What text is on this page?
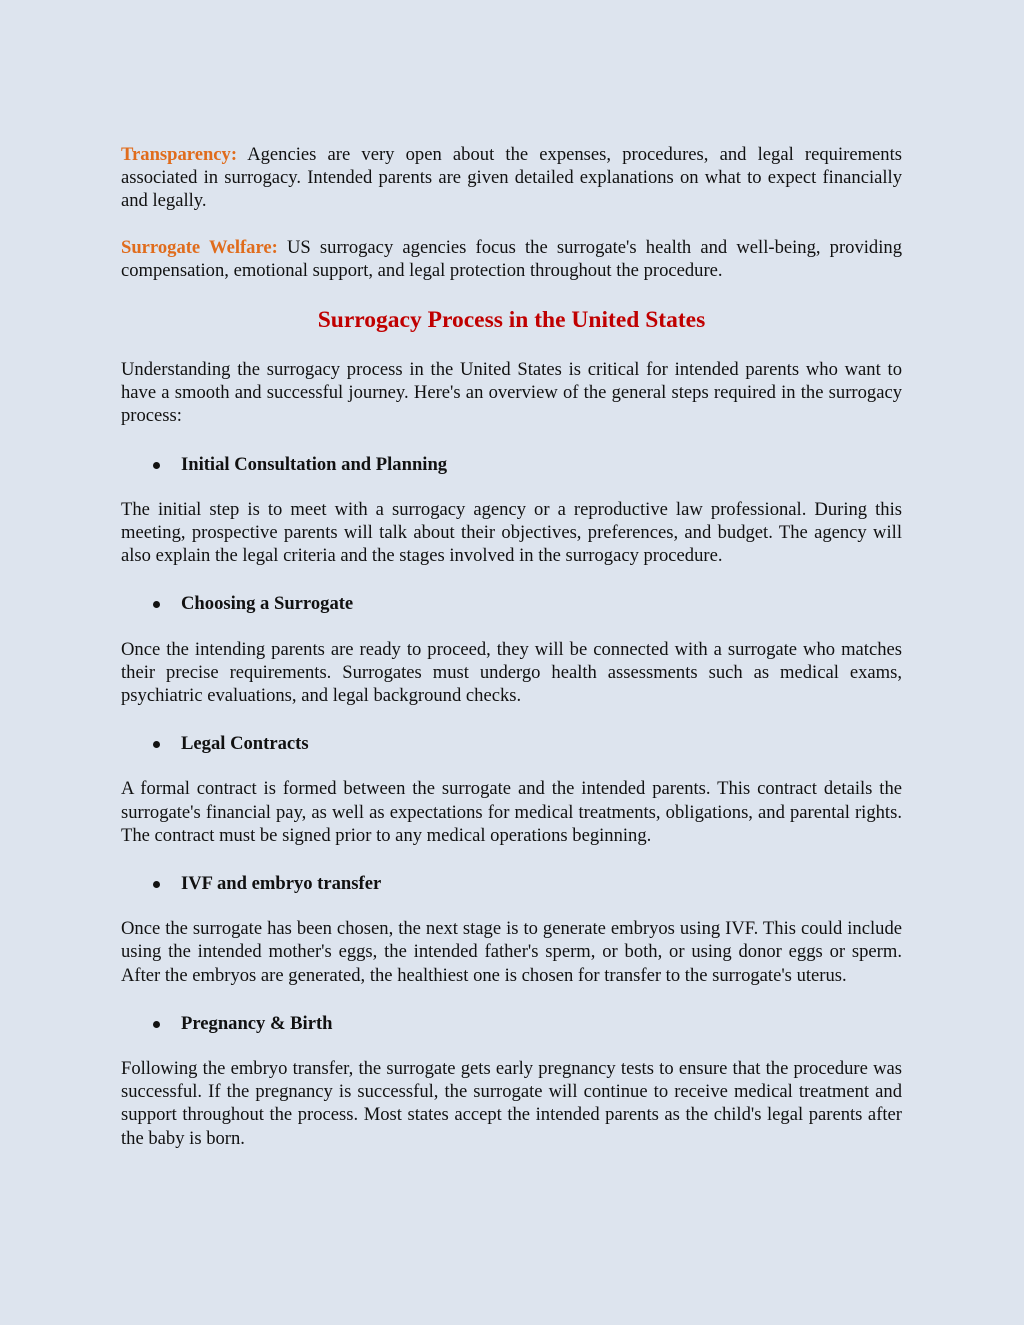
Transparency: Agencies are very open about the expenses, procedures, and legal requirements associated in surrogacy. Intended parents are given detailed explanations on what to expect financially and legally.

Surrogate Welfare: US surrogacy agencies focus the surrogate's health and well-being, providing compensation, emotional support, and legal protection throughout the procedure.

Surrogacy Process in the United States

Understanding the surrogacy process in the United States is critical for intended parents who want to have a smooth and successful journey. Here's an overview of the general steps required in the surrogacy process:

Initial Consultation and Planning

The initial step is to meet with a surrogacy agency or a reproductive law professional. During this meeting, prospective parents will talk about their objectives, preferences, and budget. The agency will also explain the legal criteria and the stages involved in the surrogacy procedure.

Choosing a Surrogate

Once the intending parents are ready to proceed, they will be connected with a surrogate who matches their precise requirements. Surrogates must undergo health assessments such as medical exams, psychiatric evaluations, and legal background checks.

Legal Contracts

A formal contract is formed between the surrogate and the intended parents. This contract details the surrogate's financial pay, as well as expectations for medical treatments, obligations, and parental rights. The contract must be signed prior to any medical operations beginning.

IVF and embryo transfer

Once the surrogate has been chosen, the next stage is to generate embryos using IVF. This could include using the intended mother's eggs, the intended father's sperm, or both, or using donor eggs or sperm. After the embryos are generated, the healthiest one is chosen for transfer to the surrogate's uterus.

Pregnancy & Birth

Following the embryo transfer, the surrogate gets early pregnancy tests to ensure that the procedure was successful. If the pregnancy is successful, the surrogate will continue to receive medical treatment and support throughout the process. Most states accept the intended parents as the child's legal parents after the baby is born.
